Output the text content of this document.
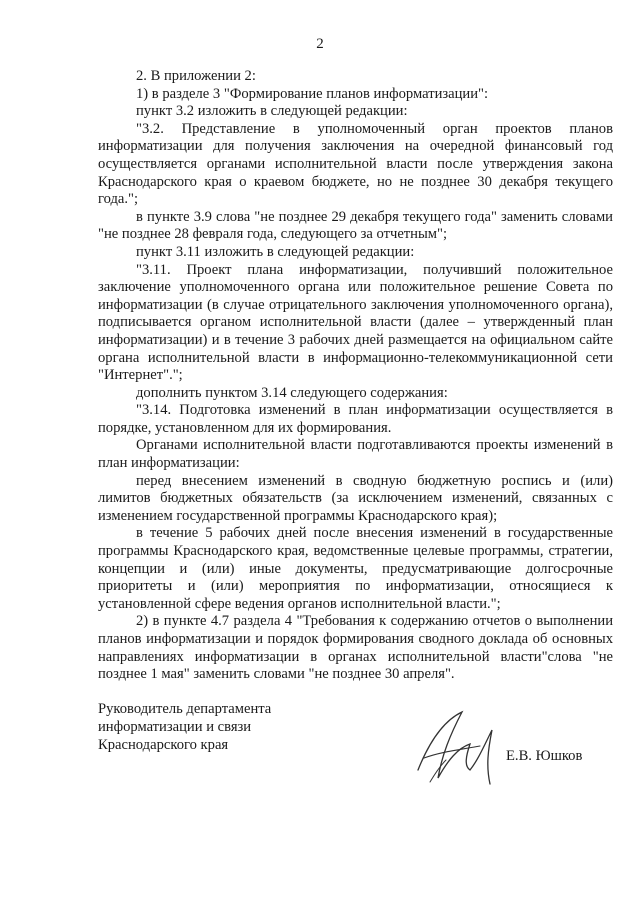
2

2. В приложении 2:

1) в разделе 3 "Формирование планов информатизации":

пункт 3.2 изложить в следующей редакции:

"3.2. Представление в уполномоченный орган проектов планов информатизации для получения заключения на очередной финансовый год осуществляется органами исполнительной власти после утверждения закона Краснодарского края о краевом бюджете, но не позднее 30 декабря текущего года.";

в пункте 3.9 слова "не позднее 29 декабря текущего года" заменить словами "не позднее 28 февраля года, следующего за отчетным";

пункт 3.11 изложить в следующей редакции:

"3.11. Проект плана информатизации, получивший положительное заключение уполномоченного органа или положительное решение Совета по информатизации (в случае отрицательного заключения уполномоченного органа), подписывается органом исполнительной власти (далее – утвержденный план информатизации) и в течение 3 рабочих дней размещается на официальном сайте органа исполнительной власти в информационно-телекоммуникационной сети "Интернет".";

дополнить пунктом 3.14 следующего содержания:

"3.14. Подготовка изменений в план информатизации осуществляется в порядке, установленном для их формирования.

Органами исполнительной власти подготавливаются проекты изменений в план информатизации:

перед внесением изменений в сводную бюджетную роспись и (или) лимитов бюджетных обязательств (за исключением изменений, связанных с изменением государственной программы Краснодарского края);

в течение 5 рабочих дней после внесения изменений в государственные программы Краснодарского края, ведомственные целевые программы, стратегии, концепции и (или) иные документы, предусматривающие долгосрочные приоритеты и (или) мероприятия по информатизации, относящиеся к установленной сфере ведения органов исполнительной власти.";

2) в пункте 4.7 раздела 4 "Требования к содержанию отчетов о выполнении планов информатизации и порядок формирования сводного доклада об основных направлениях информатизации в органах исполнительной власти"слова "не позднее 1 мая" заменить словами "не позднее 30 апреля".

Руководитель департамента
информатизации и связи
Краснодарского края
Е.В. Юшков
